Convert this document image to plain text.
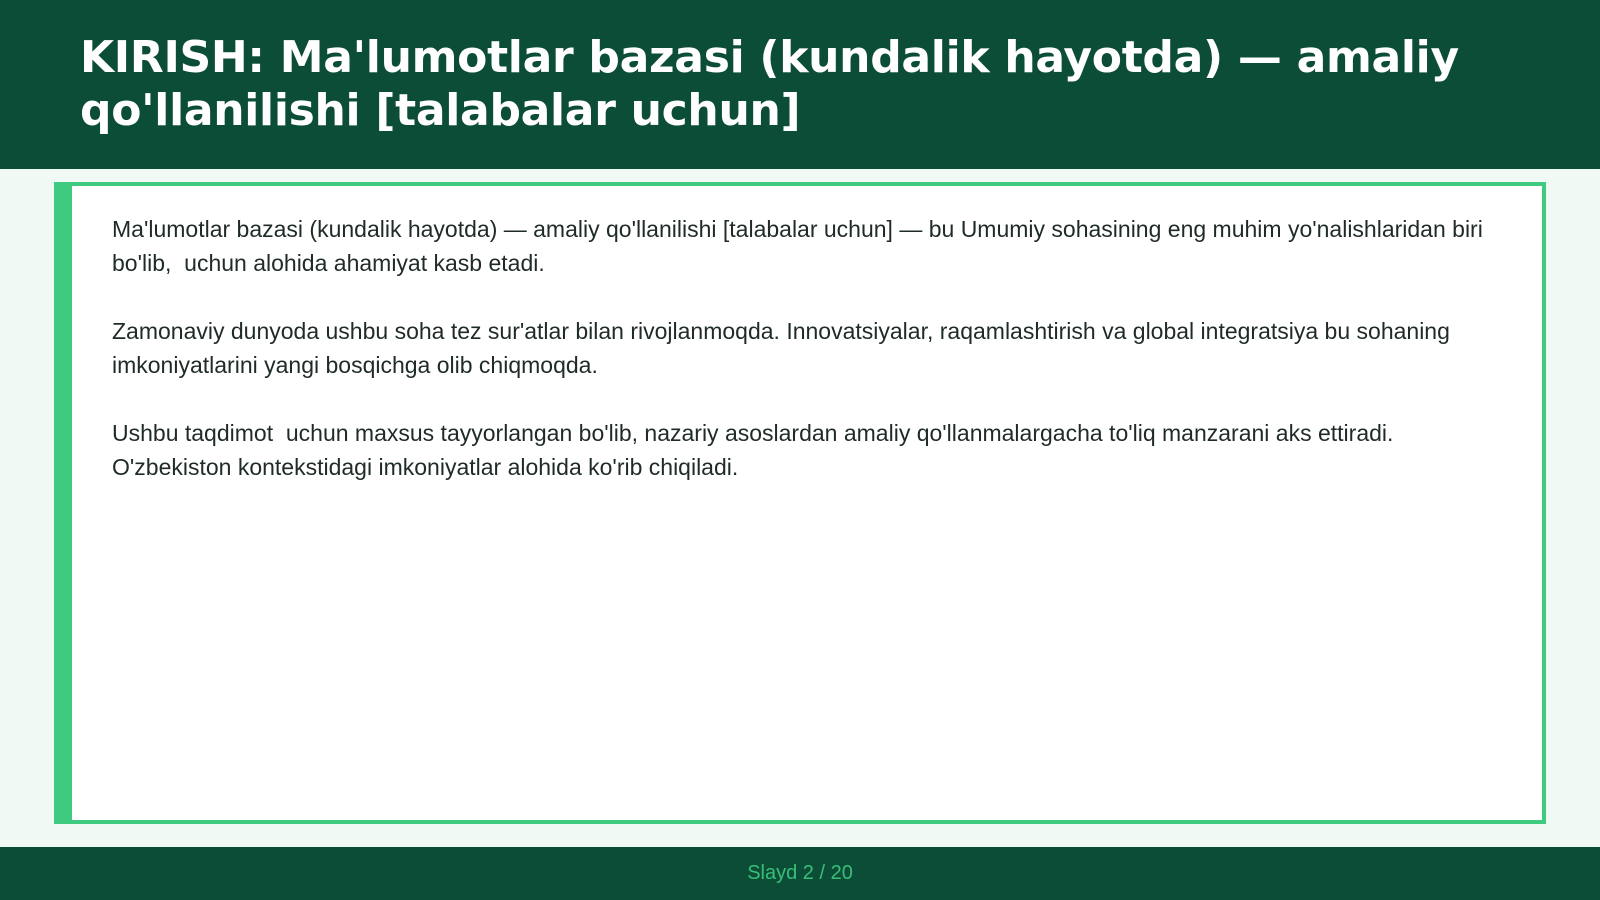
KIRISH: Ma'lumotlar bazasi (kundalik hayotda) — amaliy qo'llanilishi [talabalar uchun]

Ma'lumotlar bazasi (kundalik hayotda) — amaliy qo'llanilishi [talabalar uchun] — bu Umumiy sohasining eng muhim yo'nalishlaridan biri bo'lib,  uchun alohida ahamiyat kasb etadi.

Zamonaviy dunyoda ushbu soha tez sur'atlar bilan rivojlanmoqda. Innovatsiyalar, raqamlashtirish va global integratsiya bu sohaning imkoniyatlarini yangi bosqichga olib chiqmoqda.

Ushbu taqdimot  uchun maxsus tayyorlangan bo'lib, nazariy asoslardan amaliy qo'llanmalargacha to'liq manzarani aks ettiradi. O'zbekiston kontekstidagi imkoniyatlar alohida ko'rib chiqiladi.

Slayd 2 / 20
